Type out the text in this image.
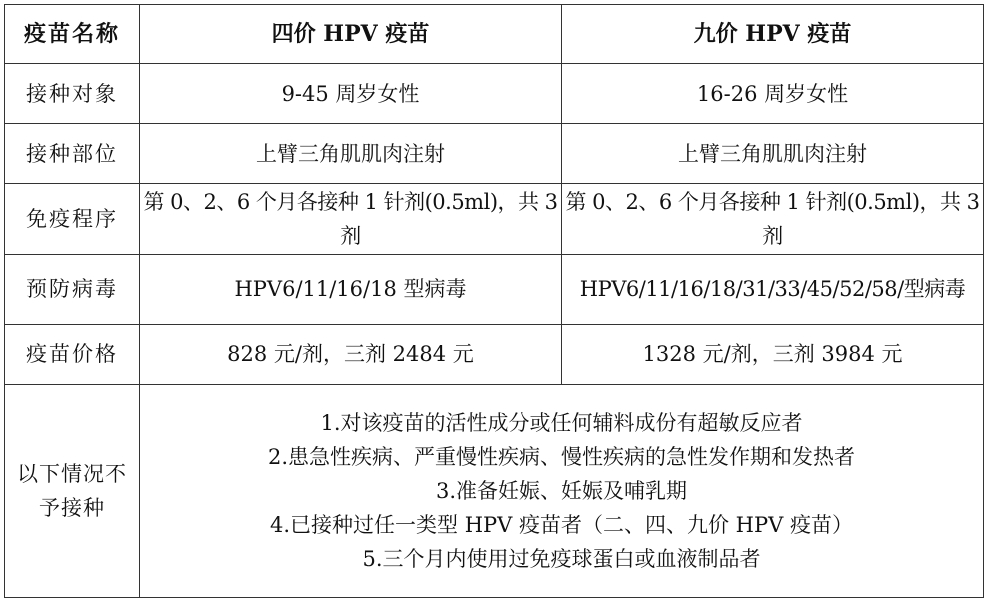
疫苗名称	四价 HPV 疫苗	九价 HPV 疫苗
接种对象	9-45 周岁女性	16-26 周岁女性
接种部位	上臂三角肌肌肉注射	上臂三角肌肌肉注射
免疫程序	第 0、2、6 个月各接种 1 针剂(0.5ml)，共 3 剂	第 0、2、6 个月各接种 1 针剂(0.5ml)，共 3 剂
预防病毒	HPV6/11/16/18 型病毒	HPV6/11/16/18/31/33/45/52/58/型病毒
疫苗价格	828 元/剂，三剂 2484 元	1328 元/剂，三剂 3984 元
以下情况不予接种	1.对该疫苗的活性成分或任何辅料成份有超敏反应者
2.患急性疾病、严重慢性疾病、慢性疾病的急性发作期和发热者
3.准备妊娠、妊娠及哺乳期
4.已接种过任一类型 HPV 疫苗者（二、四、九价 HPV 疫苗）
5.三个月内使用过免疫球蛋白或血液制品者	
